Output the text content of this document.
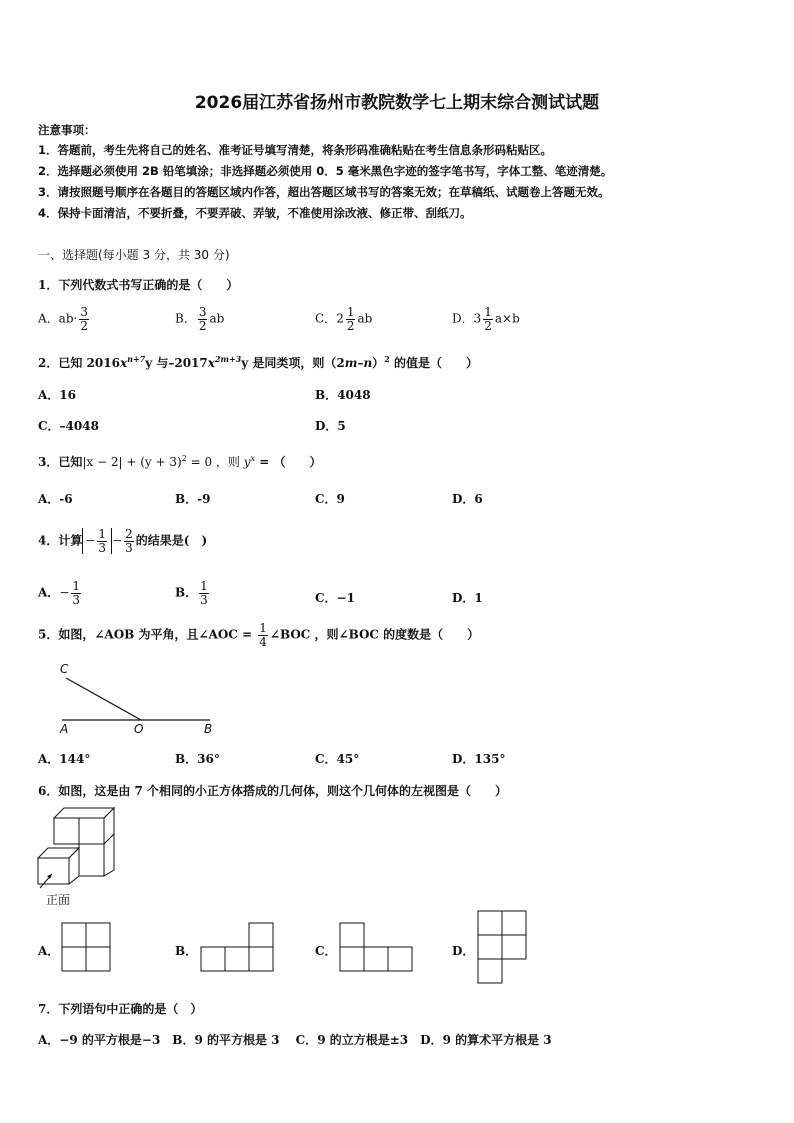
2026届江苏省扬州市教院数学七上期末综合测试试题
注意事项：
1．答题前，考生先将自己的姓名、准考证号填写清楚，将条形码准确粘贴在考生信息条形码粘贴区。
2．选择题必须使用 2B 铅笔填涂；非选择题必须使用 0．5 毫米黑色字迹的签字笔书写，字体工整、笔迹清楚。
3．请按照题号顺序在各题目的答题区域内作答，超出答题区域书写的答案无效；在草稿纸、试题卷上答题无效。
4．保持卡面清洁，不要折叠，不要弄破、弄皱，不准使用涂改液、修正带、刮纸刀。
一、选择题(每小题 3 分，共 30 分)
1．下列代数式书写正确的是（　　）
A．$ab\cdot \frac{3}{2}$	B． $\frac{3}{2}$ ab	C．$2 \frac{1}{2}$ ab	D．$3 \frac{1}{2} a\times b$
2．已知 $2016x^{n+7}y$ 与$-2017x^{2m+3}y$ 是同类项，则$(2m-n)^2$ 的值是（　　）
A．16	B．4048
C．–4048	D．5
3．已知$|x - 2| + (y + 3)^2 = 0$ ，则 $y^x$ = （　　）
A．-6	B．-9	C．9	D．6
4．计算 − $\frac{1}{3} - \frac{2}{3}$ 的结果是(　)
A．− $\frac{1}{3}$	B． $\frac{1}{3}$	C．−1	D．1
5．如图，∠AOB 为平角，且∠AOC = $\frac{1}{4}$ ∠BOC ，则∠BOC 的度数是（　　）
C
A	O	B
A．144°	B．36°	C．45°	D．135°
6．如图，这是由 7 个相同的小正方体搭成的几何体，则这个几何体的左视图是（　　）
正面
A．	B．	C．	D．
7．下列语句中正确的是（　）
A．−9 的平方根是−3　B．9 的平方根是 3　 C．9 的立方根是±3　D．9 的算术平方根是 3
